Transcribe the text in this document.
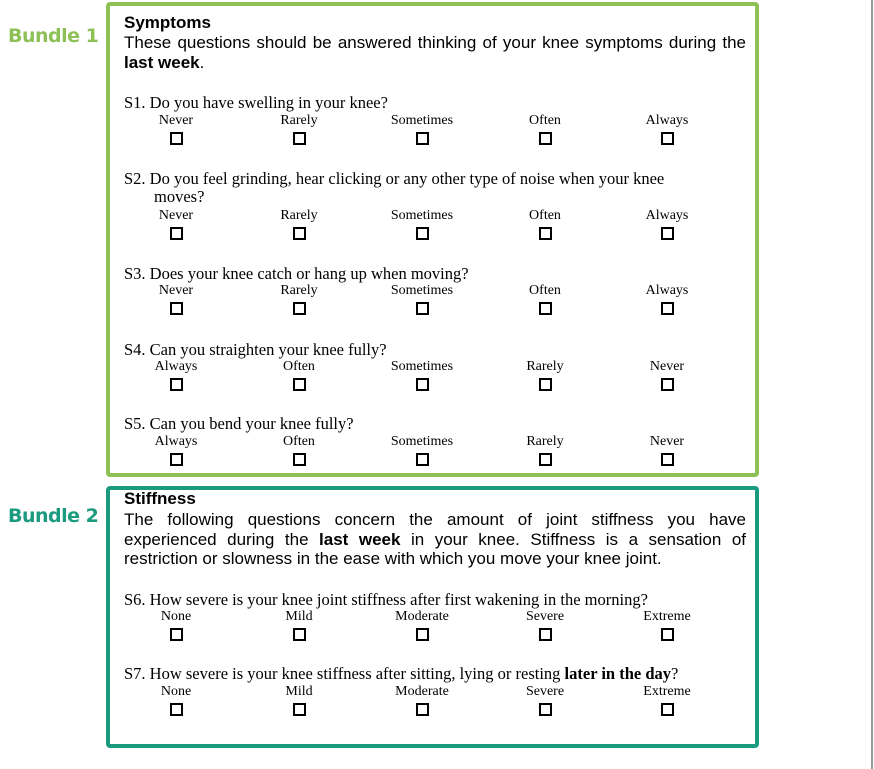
Bundle 1
Symptoms
These questions should be answered thinking of your knee symptoms during the last week.
S1. Do you have swelling in your knee?
S2. Do you feel grinding, hear clicking or any other type of noise when your knee
moves?
S3. Does your knee catch or hang up when moving?
S4. Can you straighten your knee fully?
S5. Can you bend your knee fully?
Bundle 2
Stiffness
The following questions concern the amount of joint stiffness you have experienced during the last week in your knee. Stiffness is a sensation of restriction or slowness in the ease with which you move your knee joint.
S6. How severe is your knee joint stiffness after first wakening in the morning?
S7. How severe is your knee stiffness after sitting, lying or resting later in the day?
Never	Rarely	Sometimes	Often	Always
Never	Rarely	Sometimes	Often	Always
Never	Rarely	Sometimes	Often	Always
Always	Often	Sometimes	Rarely	Never
Always	Often	Sometimes	Rarely	Never
None	Mild	Moderate	Severe	Extreme
None	Mild	Moderate	Severe	Extreme
